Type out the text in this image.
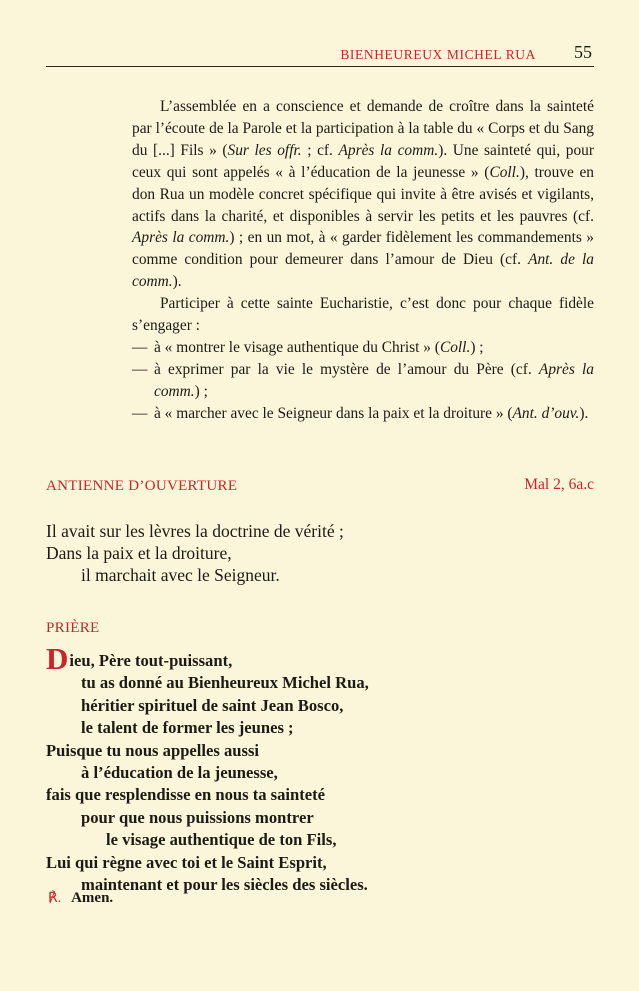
BIENHEUREUX MICHEL RUA 55

L’assemblée en a conscience et demande de croître dans la sainteté par l’écoute de la Parole et la participation à la table du « Corps et du Sang du [...] Fils » (Sur les offr. ; cf. Après la comm.). Une sainteté qui, pour ceux qui sont appelés « à l’éducation de la jeunesse » (Coll.), trouve en don Rua un modèle concret spécifique qui invite à être avisés et vigilants, actifs dans la charité, et disponibles à servir les petits et les pauvres (cf. Après la comm.) ; en un mot, à « garder fidèlement les commandements » comme condition pour demeurer dans l’amour de Dieu (cf. Ant. de la comm.).

Participer à cette sainte Eucharistie, c’est donc pour chaque fidèle s’engager :

— à « montrer le visage authentique du Christ » (Coll.) ;
— à exprimer par la vie le mystère de l’amour du Père (cf. Après la comm.) ;
— à « marcher avec le Seigneur dans la paix et la droiture » (Ant. d’ouv.).
ANTIENNE D’OUVERTURE	Mal 2, 6a.c
Il avait sur les lèvres la doctrine de vérité ;
Dans la paix et la droiture,
il marchait avec le Seigneur.
PRIÈRE
Dieu, Père tout-puissant,
tu as donné au Bienheureux Michel Rua,
héritier spirituel de saint Jean Bosco,
le talent de former les jeunes ;
Puisque tu nous appelles aussi
à l’éducation de la jeunesse,
fais que resplendisse en nous ta sainteté
pour que nous puissions montrer
le visage authentique de ton Fils,
Lui qui règne avec toi et le Saint Esprit,
maintenant et pour les siècles des siècles.
℟. Amen.
